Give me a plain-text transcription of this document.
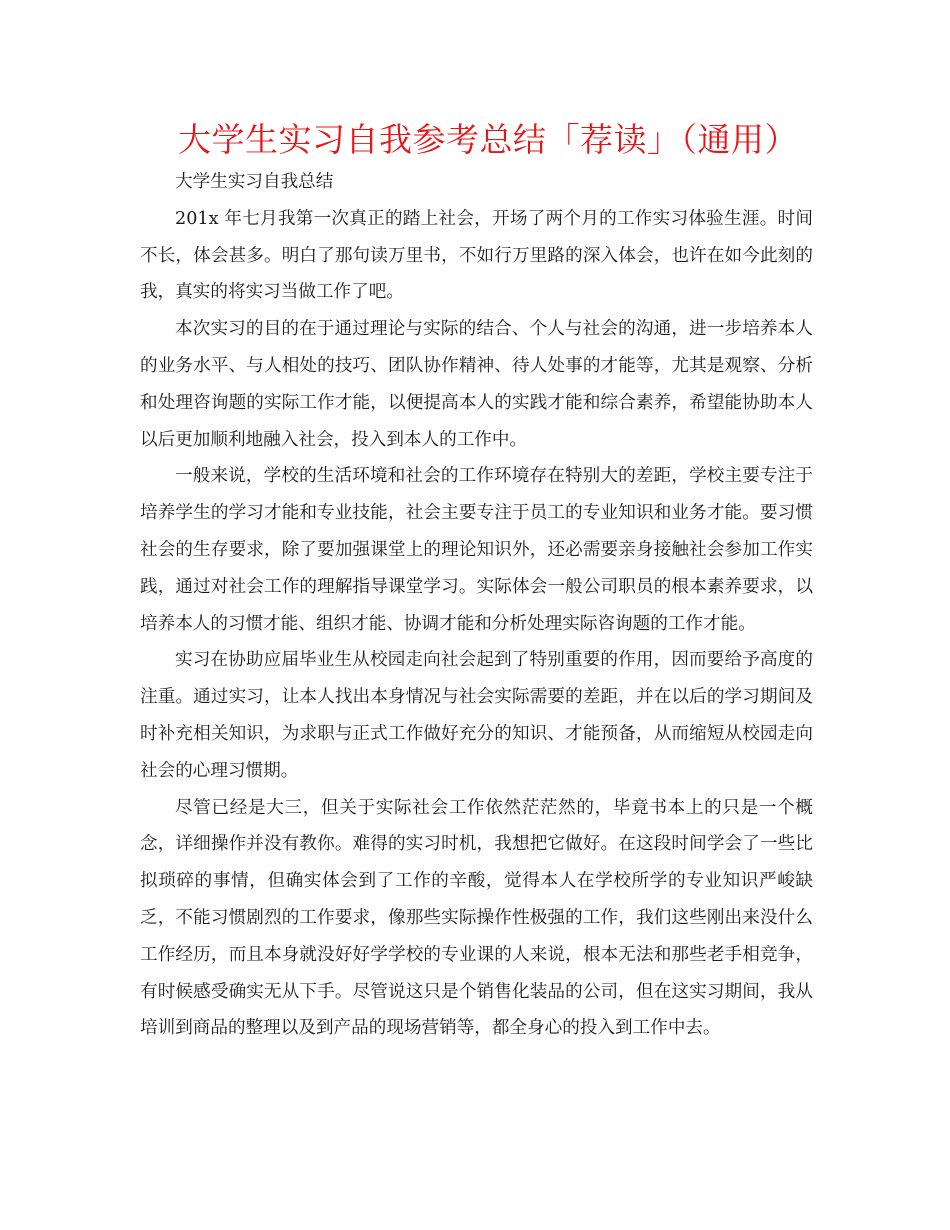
大学生实习自我参考总结「荐读」（通用）

大学生实习自我总结

201x 年七月我第一次真正的踏上社会，开场了两个月的工作实习体验生涯。时间不长，体会甚多。明白了那句读万里书，不如行万里路的深入体会，也许在如今此刻的我，真实的将实习当做工作了吧。

本次实习的目的在于通过理论与实际的结合、个人与社会的沟通，进一步培养本人的业务水平、与人相处的技巧、团队协作精神、待人处事的才能等，尤其是观察、分析和处理咨询题的实际工作才能，以便提高本人的实践才能和综合素养，希望能协助本人以后更加顺利地融入社会，投入到本人的工作中。

一般来说，学校的生活环境和社会的工作环境存在特别大的差距，学校主要专注于培养学生的学习才能和专业技能，社会主要专注于员工的专业知识和业务才能。要习惯社会的生存要求，除了要加强课堂上的理论知识外，还必需要亲身接触社会参加工作实践，通过对社会工作的理解指导课堂学习。实际体会一般公司职员的根本素养要求，以培养本人的习惯才能、组织才能、协调才能和分析处理实际咨询题的工作才能。

实习在协助应届毕业生从校园走向社会起到了特别重要的作用，因而要给予高度的注重。通过实习，让本人找出本身情况与社会实际需要的差距，并在以后的学习期间及时补充相关知识，为求职与正式工作做好充分的知识、才能预备，从而缩短从校园走向社会的心理习惯期。

尽管已经是大三，但关于实际社会工作依然茫茫然的，毕竟书本上的只是一个概念，详细操作并没有教你。难得的实习时机，我想把它做好。在这段时间学会了一些比拟琐碎的事情，但确实体会到了工作的辛酸，觉得本人在学校所学的专业知识严峻缺乏，不能习惯剧烈的工作要求，像那些实际操作性极强的工作，我们这些刚出来没什么工作经历，而且本身就没好好学学校的专业课的人来说，根本无法和那些老手相竞争，有时候感受确实无从下手。尽管说这只是个销售化装品的公司，但在这实习期间，我从培训到商品的整理以及到产品的现场营销等，都全身心的投入到工作中去。
